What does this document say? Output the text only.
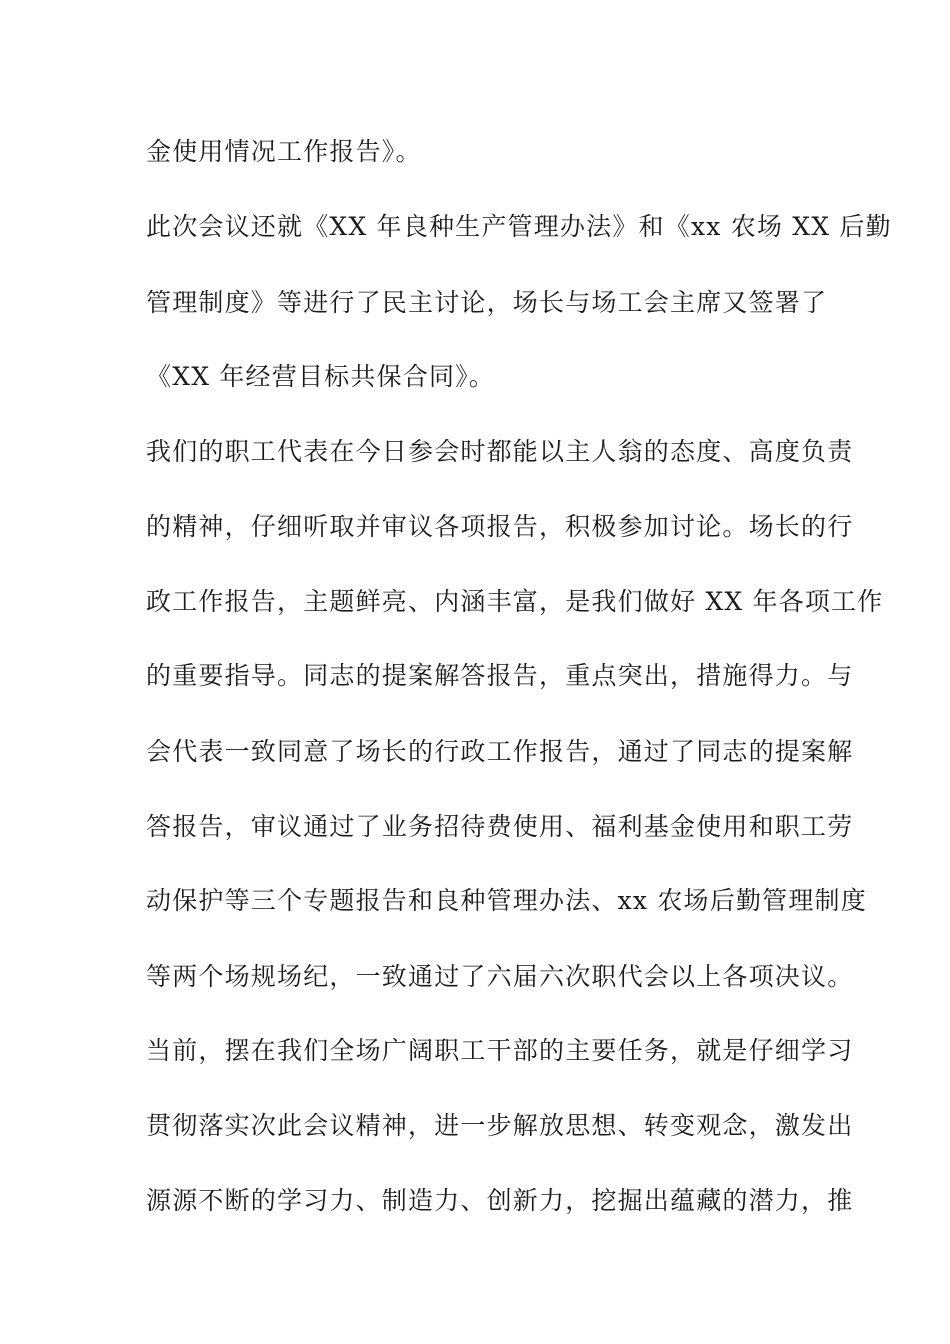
金使用情况工作报告》。
此次会议还就《XX 年良种生产管理办法》和《xx 农场 XX 后勤
管理制度》等进行了民主讨论，场长与场工会主席又签署了
《XX 年经营目标共保合同》。
我们的职工代表在今日参会时都能以主人翁的态度、高度负责
的精神，仔细听取并审议各项报告，积极参加讨论。场长的行
政工作报告，主题鲜亮、内涵丰富，是我们做好 XX 年各项工作
的重要指导。同志的提案解答报告，重点突出，措施得力。与
会代表一致同意了场长的行政工作报告，通过了同志的提案解
答报告，审议通过了业务招待费使用、福利基金使用和职工劳
动保护等三个专题报告和良种管理办法、xx 农场后勤管理制度
等两个场规场纪，一致通过了六届六次职代会以上各项决议。
当前，摆在我们全场广阔职工干部的主要任务，就是仔细学习
贯彻落实次此会议精神，进一步解放思想、转变观念，激发出
源源不断的学习力、制造力、创新力，挖掘出蕴藏的潜力，推
